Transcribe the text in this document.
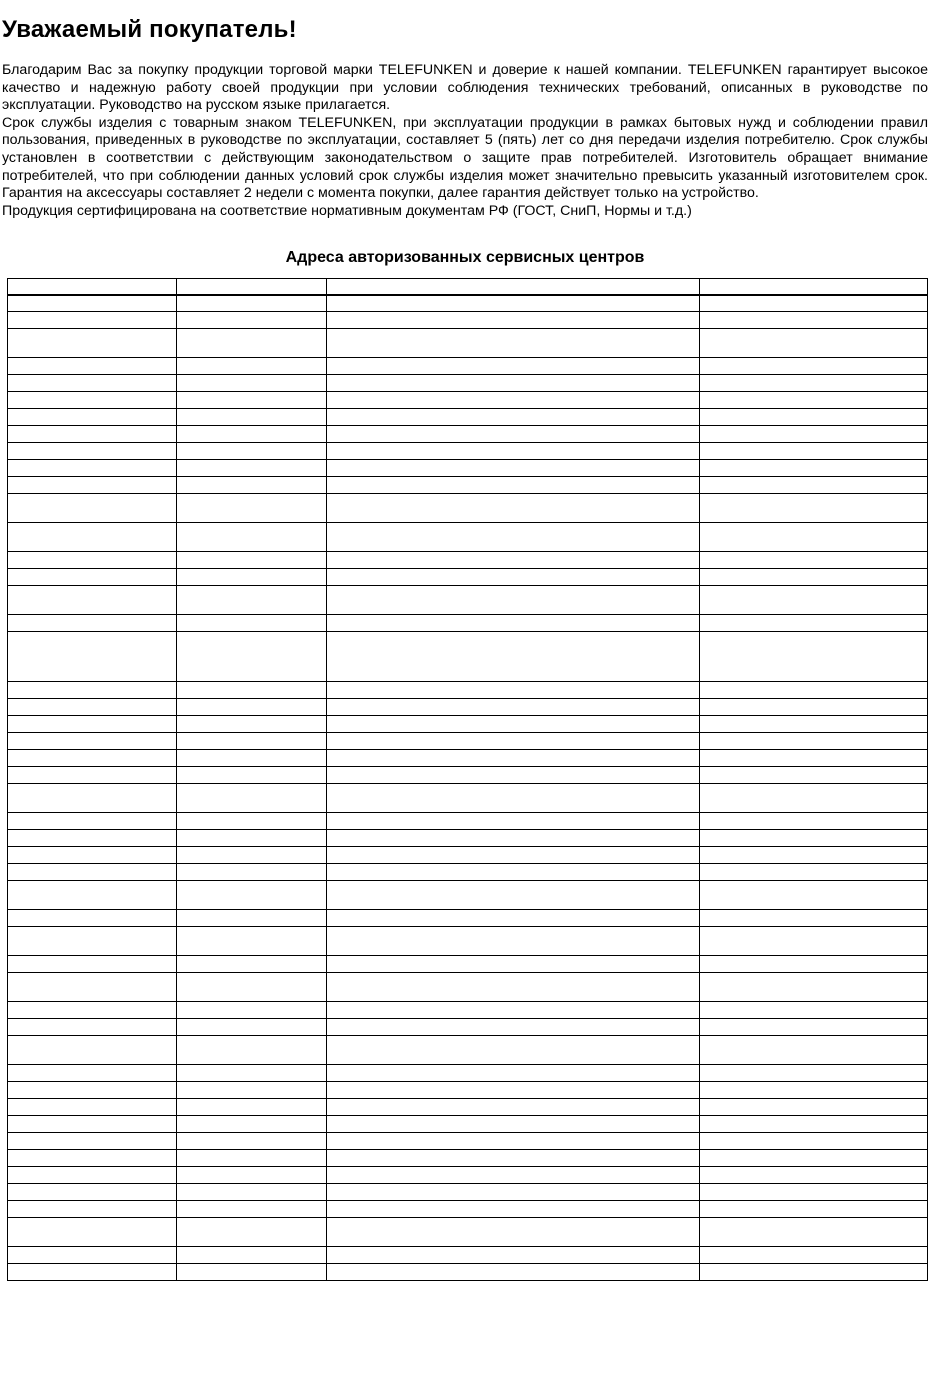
Уважаемый покупатель!

Благодарим Вас за покупку продукции торговой марки TELEFUNKEN и доверие к нашей компании. TELEFUNKEN гарантирует высокое качество и надежную работу своей продукции при условии соблюдения технических требований, описанных в руководстве по эксплуатации. Руководство на русском языке прилагается.

Срок службы изделия с товарным знаком TELEFUNKEN, при эксплуатации продукции в рамках бытовых нужд и соблюдении правил пользования, приведенных в руководстве по эксплуатации, составляет 5 (пять) лет со дня передачи изделия потребителю. Срок службы установлен в соответствии с действующим законодательством о защите прав потребителей. Изготовитель обращает внимание потребителей, что при соблюдении данных условий срок службы изделия может значительно превысить указанный изготовителем срок. Гарантия на аксессуары составляет 2 недели с момента покупки, далее гарантия действует только на устройство.

Продукция сертифицирована на соответствие нормативным документам РФ (ГОСТ, СниП, Нормы и т.д.)

Адреса авторизованных сервисных центров
